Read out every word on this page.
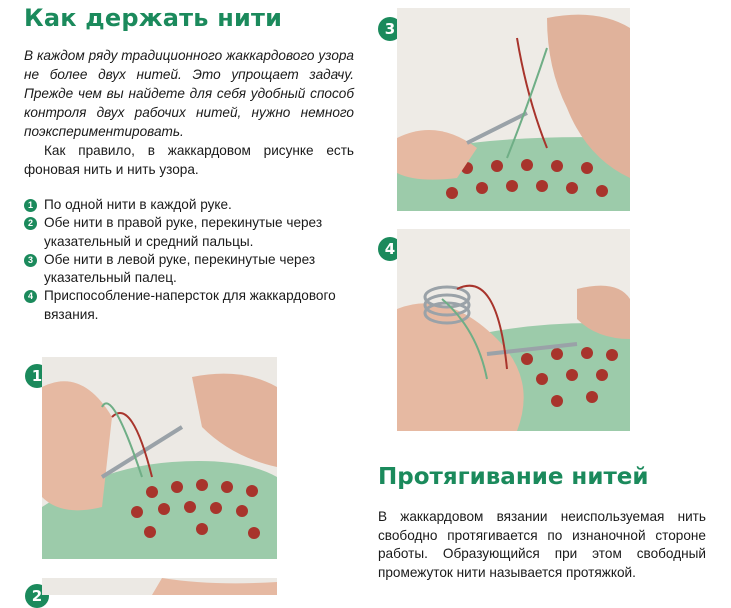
Как держать нити

В каждом ряду традиционного жаккардового узора не более двух нитей. Это упрощает задачу. Прежде чем вы найдете для себя удобный способ контроля двух рабочих нитей, нужно немного поэкспериментировать.

Как правило, в жаккардовом рисунке есть фоновая нить и нить узора.

1 По одной нити в каждой руке.
2 Обе нити в правой руке, перекинутые через указательный и средний пальцы.
3 Обе нити в левой руке, перекинутые через указательный палец.
4 Приспособление-наперсток для жаккардового вязания.
1
2
3
4
Протягивание нитей

В жаккардовом вязании неиспользуемая нить свободно протягивается по изнаночной стороне работы. Образующийся при этом свободный промежуток нити называется протяжкой.
